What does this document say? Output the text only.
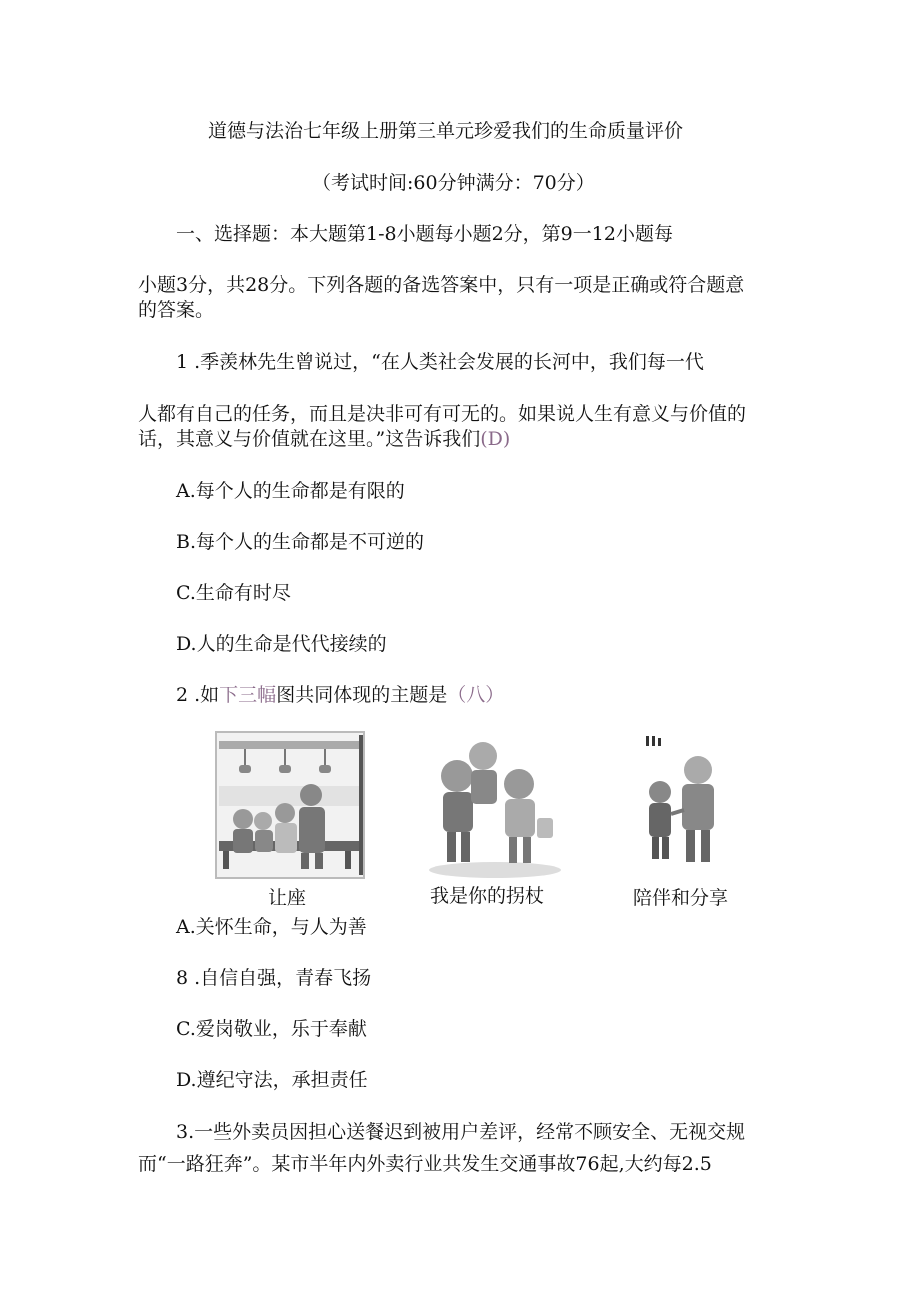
道德与法治七年级上册第三单元珍爱我们的生命质量评价
（考试时间:60分钟满分：70分）
一、选择题：本大题第1-8小题每小题2分，第9一12小题每
小题3分，共28分。下列各题的备选答案中，只有一项是正确或符合题意
的答案。
1 .季羡林先生曾说过，“在人类社会发展的长河中，我们每一代
人都有自己的任务，而且是决非可有可无的。如果说人生有意义与价值的
话，其意义与价值就在这里。”这告诉我们(D)
A.每个人的生命都是有限的
B.每个人的生命都是不可逆的
C.生命有时尽
D.人的生命是代代接续的
2 .如下三幅图共同体现的主题是（八）
让座	我是你的拐杖	陪伴和分享
A.关怀生命，与人为善
8 .自信自强，青春飞扬
C.爱岗敬业，乐于奉献
D.遵纪守法，承担责任
3.一些外卖员因担心送餐迟到被用户差评，经常不顾安全、无视交规
而“一路狂奔”。某市半年内外卖行业共发生交通事故76起,大约每2.5
